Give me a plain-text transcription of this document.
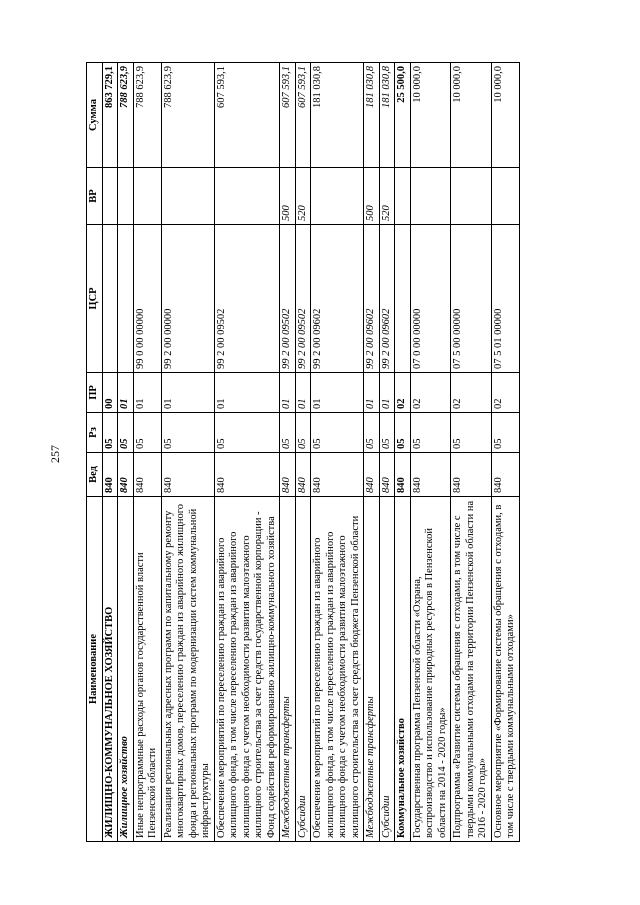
257
Наименование	Вед	Рз	ПР	ЦСР	ВР	Сумма
ЖИЛИЩНО-КОММУНАЛЬНОЕ ХОЗЯЙСТВО	840	05	00			863 729,1
Жилищное хозяйство	840	05	01			788 623,9
Иные непрограммные расходы органов государственной власти Пензенской области	840	05	01	99 0 00 00000		788 623,9
Реализация региональных адресных программ по капитальному ремонту многоквартирных домов, переселению граждан из аварийного жилищного фонда и региональных программ по модернизации систем коммунальной инфраструктуры	840	05	01	99 2 00 00000		788 623,9
Обеспечение мероприятий по переселению граждан из аварийного жилищного фонда, в том числе переселению граждан из аварийного жилищного фонда с учетом необходимости развития малоэтажного жилищного строительства за счет средств государственной корпорации - Фонд содействия реформированию жилищно-коммунального хозяйства	840	05	01	99 2 00 09502		607 593,1
Межбюджетные трансферты	840	05	01	99 2 00 09502	500	607 593,1
Субсидии	840	05	01	99 2 00 09502	520	607 593,1
Обеспечение мероприятий по переселению граждан из аварийного жилищного фонда, в том числе переселению граждан из аварийного жилищного фонда с учетом необходимости развития малоэтажного жилищного строительства за счет средств бюджета Пензенской области	840	05	01	99 2 00 09602		181 030,8
Межбюджетные трансферты	840	05	01	99 2 00 09602	500	181 030,8
Субсидии	840	05	01	99 2 00 09602	520	181 030,8
Коммунальное хозяйство	840	05	02			25 500,0
Государственная программа Пензенской области «Охрана, воспроизводство и использование природных ресурсов в Пензенской области на 2014 - 2020 годы»	840	05	02	07 0 00 00000		10 000,0
Подпрограмма «Развитие системы обращения с отходами, в том числе с твердыми коммунальными отходами на территории Пензенской области на 2016 - 2020 годы»	840	05	02	07 5 00 00000		10 000,0
Основное мероприятие «Формирование системы обращения с отходами, в том числе с твердыми коммунальными отходами»	840	05	02	07 5 01 00000		10 000,0
